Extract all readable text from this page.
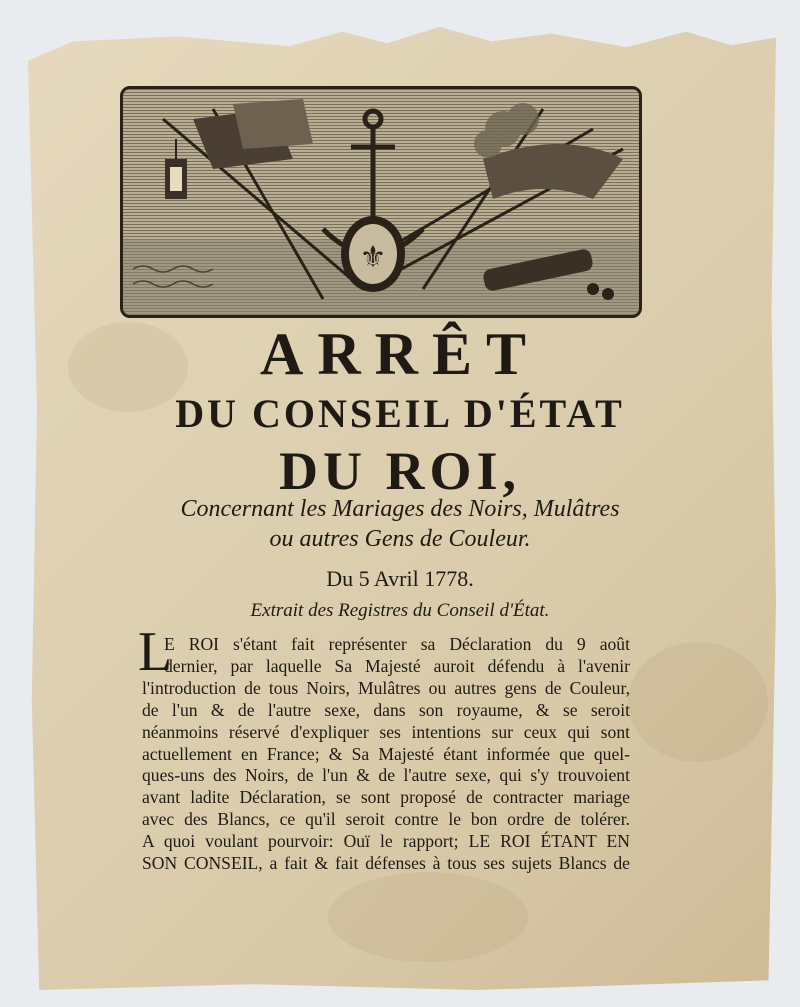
⚜
ARRÊT
DU CONSEIL D'ÉTAT
DU ROI,
Concernant les Mariages des Noirs, Mulâtres
ou autres Gens de Couleur.
Du 5 Avril 1778.
Extrait des Registres du Conseil d'État.
L
E ROI s'étant fait représenter sa Déclaration du 9 août
dernier, par laquelle Sa Majesté auroit défendu à l'avenir
l'introduction de tous Noirs, Mulâtres ou autres gens de Couleur,
de l'un & de l'autre sexe, dans son royaume, & se seroit
néanmoins réservé d'expliquer ses intentions sur ceux qui sont
actuellement en France; & Sa Majesté étant informée que quel-
ques-uns des Noirs, de l'un & de l'autre sexe, qui s'y trouvoient
avant ladite Déclaration, se sont proposé de contracter mariage
avec des Blancs, ce qu'il seroit contre le bon ordre de tolérer.
A quoi voulant pourvoir: Ouï le rapport; LE ROI ÉTANT EN
SON CONSEIL, a fait & fait défenses à tous ses sujets Blancs de
